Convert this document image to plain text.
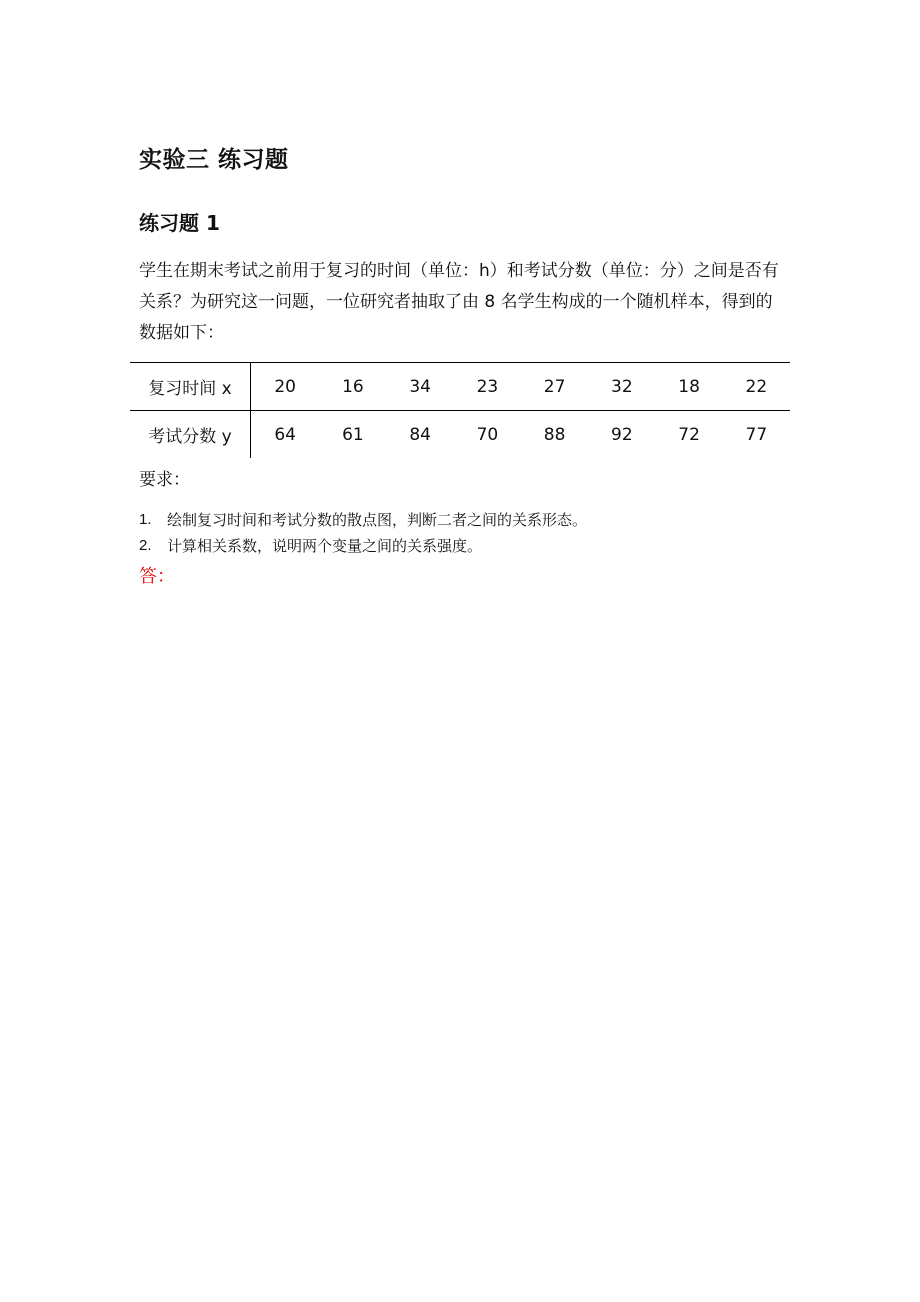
实验三 练习题
练习题 1

学生在期末考试之前用于复习的时间（单位：h）和考试分数（单位：分）之间是否有关系？为研究这一问题，一位研究者抽取了由 8 名学生构成的一个随机样本，得到的数据如下：

复习时间 x	20	16	34	23	27	32	18	22
考试分数 y	64	61	84	70	88	92	72	77

要求：

1.	绘制复习时间和考试分数的散点图，判断二者之间的关系形态。
2.	计算相关系数，说明两个变量之间的关系强度。

答：
